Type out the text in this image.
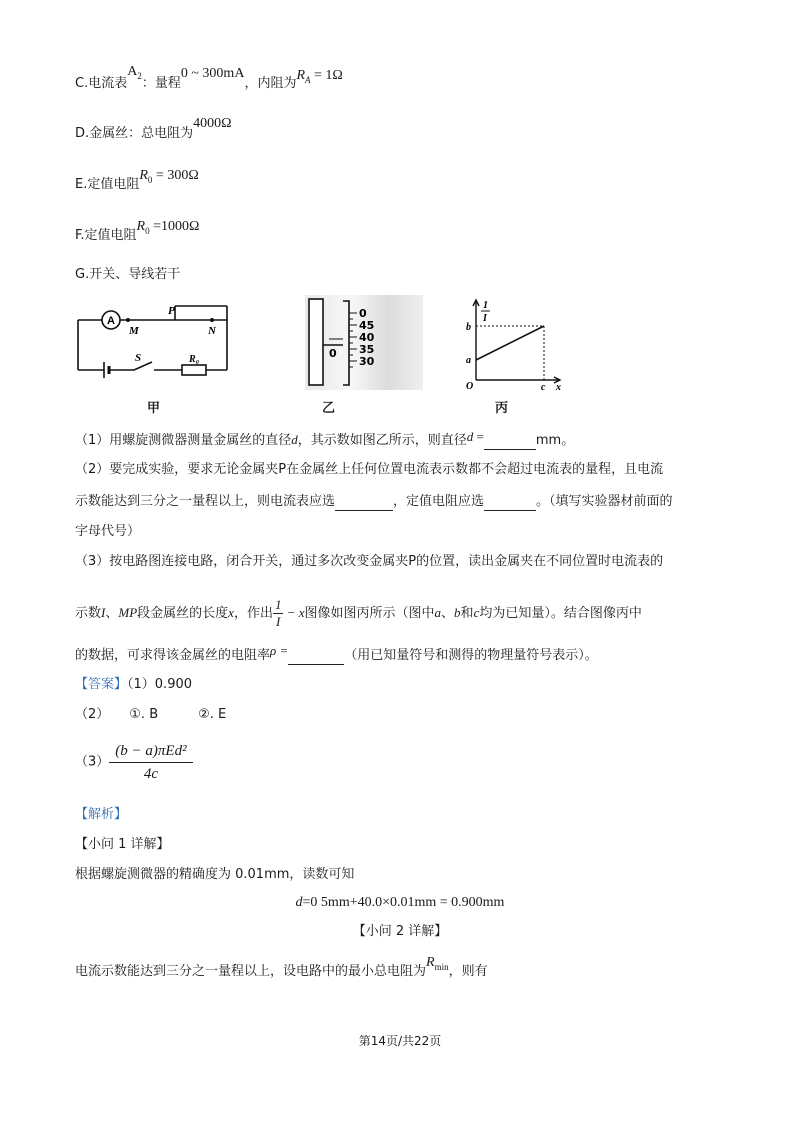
C.电流表$A_2$：量程0 ~ 300mA，内阻为$R_A = 1\Omega$
D.金属丝：总电阻为4000Ω
E.定值电阻$R_0 = 300\Omega$
F.定值电阻$R_0 =1000\Omega$
G.开关、导线若干
A
M
P
N
S	R₀
甲
0
45
40
35
30
0
乙
1
I
b
a
O	c x
丙
（1）用螺旋测微器测量金属丝的直径d，其示数如图乙所示，则直径d =	mm。
（2）要完成实验，要求无论金属夹P在金属丝上任何位置电流表示数都不会超过电流表的量程，且电流
示数能达到三分之一量程以上，则电流表应选	，定值电阻应选	。（填写实验器材前面的
字母代号）
（3）按电路图连接电路，闭合开关，通过多次改变金属夹P的位置，读出金属夹在不同位置时电流表的
示数I、MP段金属丝的长度x，作出 $\frac{1}{I} - x$图像如图丙所示（图中a、b和c均为已知量）。结合图像丙中
的数据，可求得该金属丝的电阻率ρ =	（用已知量符号和测得的物理量符号表示）。
【答案】（1）0.900
（2） ①. B	②. E
$(3) \frac{\text{(b − a)πEd²}}{4c}$
【解析】
【小问 1 详解】
根据螺旋测微器的精确度为 0.01mm，读数可知
d=0 5mm+40.0×0.01mm = 0.900mm
【小问 2 详解】
电流示数能达到三分之一量程以上，设电路中的最小总电阻为$R_{min}$，则有
第14页/共22页
